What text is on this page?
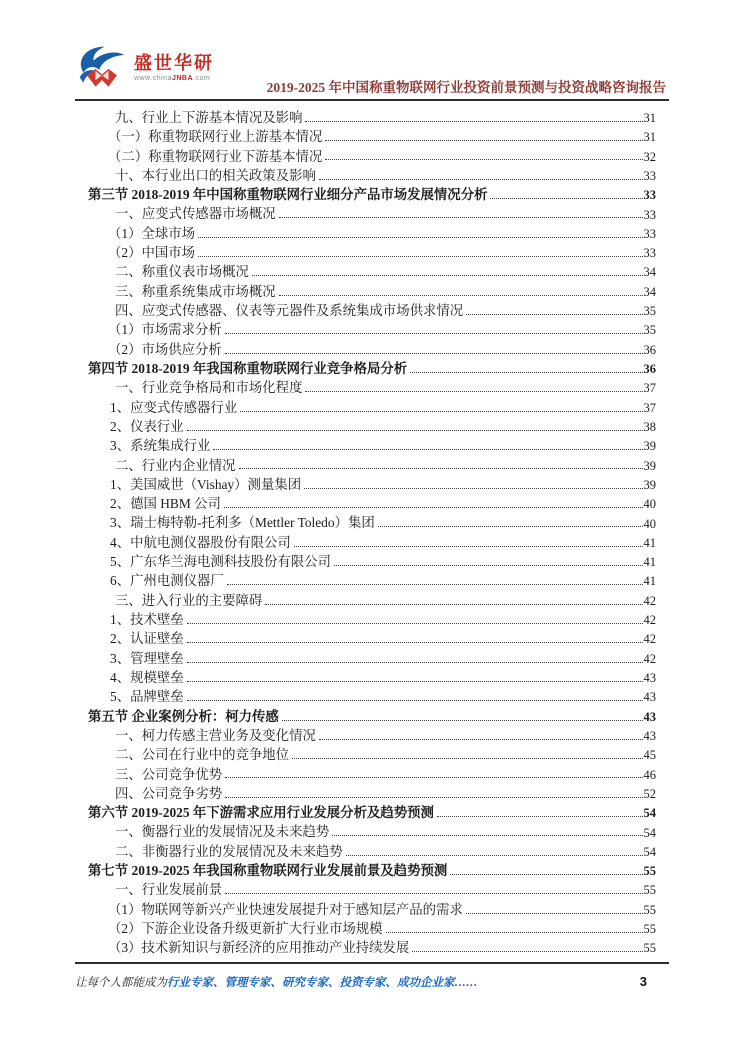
盛世华研
www.chinaJNBA.com
2019-2025 年中国称重物联网行业投资前景预测与投资战略咨询报告
九、行业上下游基本情况及影响	31
（一）称重物联网行业上游基本情况	31
（二）称重物联网行业下游基本情况	32
十、本行业出口的相关政策及影响	33
第三节 2018-2019 年中国称重物联网行业细分产品市场发展情况分析	33
一、应变式传感器市场概况	33
（1）全球市场	33
（2）中国市场	33
二、称重仪表市场概况	34
三、称重系统集成市场概况	34
四、应变式传感器、仪表等元器件及系统集成市场供求情况	35
（1）市场需求分析	35
（2）市场供应分析	36
第四节 2018-2019 年我国称重物联网行业竞争格局分析	36
一、行业竞争格局和市场化程度	37
1、应变式传感器行业	37
2、仪表行业	38
3、系统集成行业	39
二、行业内企业情况	39
1、美国威世（Vishay）测量集团	39
2、德国 HBM 公司	40
3、瑞士梅特勒-托利多（Mettler Toledo）集团	40
4、中航电测仪器股份有限公司	41
5、广东华兰海电测科技股份有限公司	41
6、广州电测仪器厂	41
三、进入行业的主要障碍	42
1、技术壁垒	42
2、认证壁垒	42
3、管理壁垒	42
4、规模壁垒	43
5、品牌壁垒	43
第五节 企业案例分析：柯力传感	43
一、柯力传感主营业务及变化情况	43
二、公司在行业中的竞争地位	45
三、公司竞争优势	46
四、公司竞争劣势	52
第六节 2019-2025 年下游需求应用行业发展分析及趋势预测	54
一、衡器行业的发展情况及未来趋势	54
二、非衡器行业的发展情况及未来趋势	54
第七节 2019-2025 年我国称重物联网行业发展前景及趋势预测	55
一、行业发展前景	55
（1）物联网等新兴产业快速发展提升对于感知层产品的需求	55
（2）下游企业设备升级更新扩大行业市场规模	55
（3）技术新知识与新经济的应用推动产业持续发展	55
让每个人都能成为行业专家、管理专家、研究专家、投资专家、成功企业家……	3
